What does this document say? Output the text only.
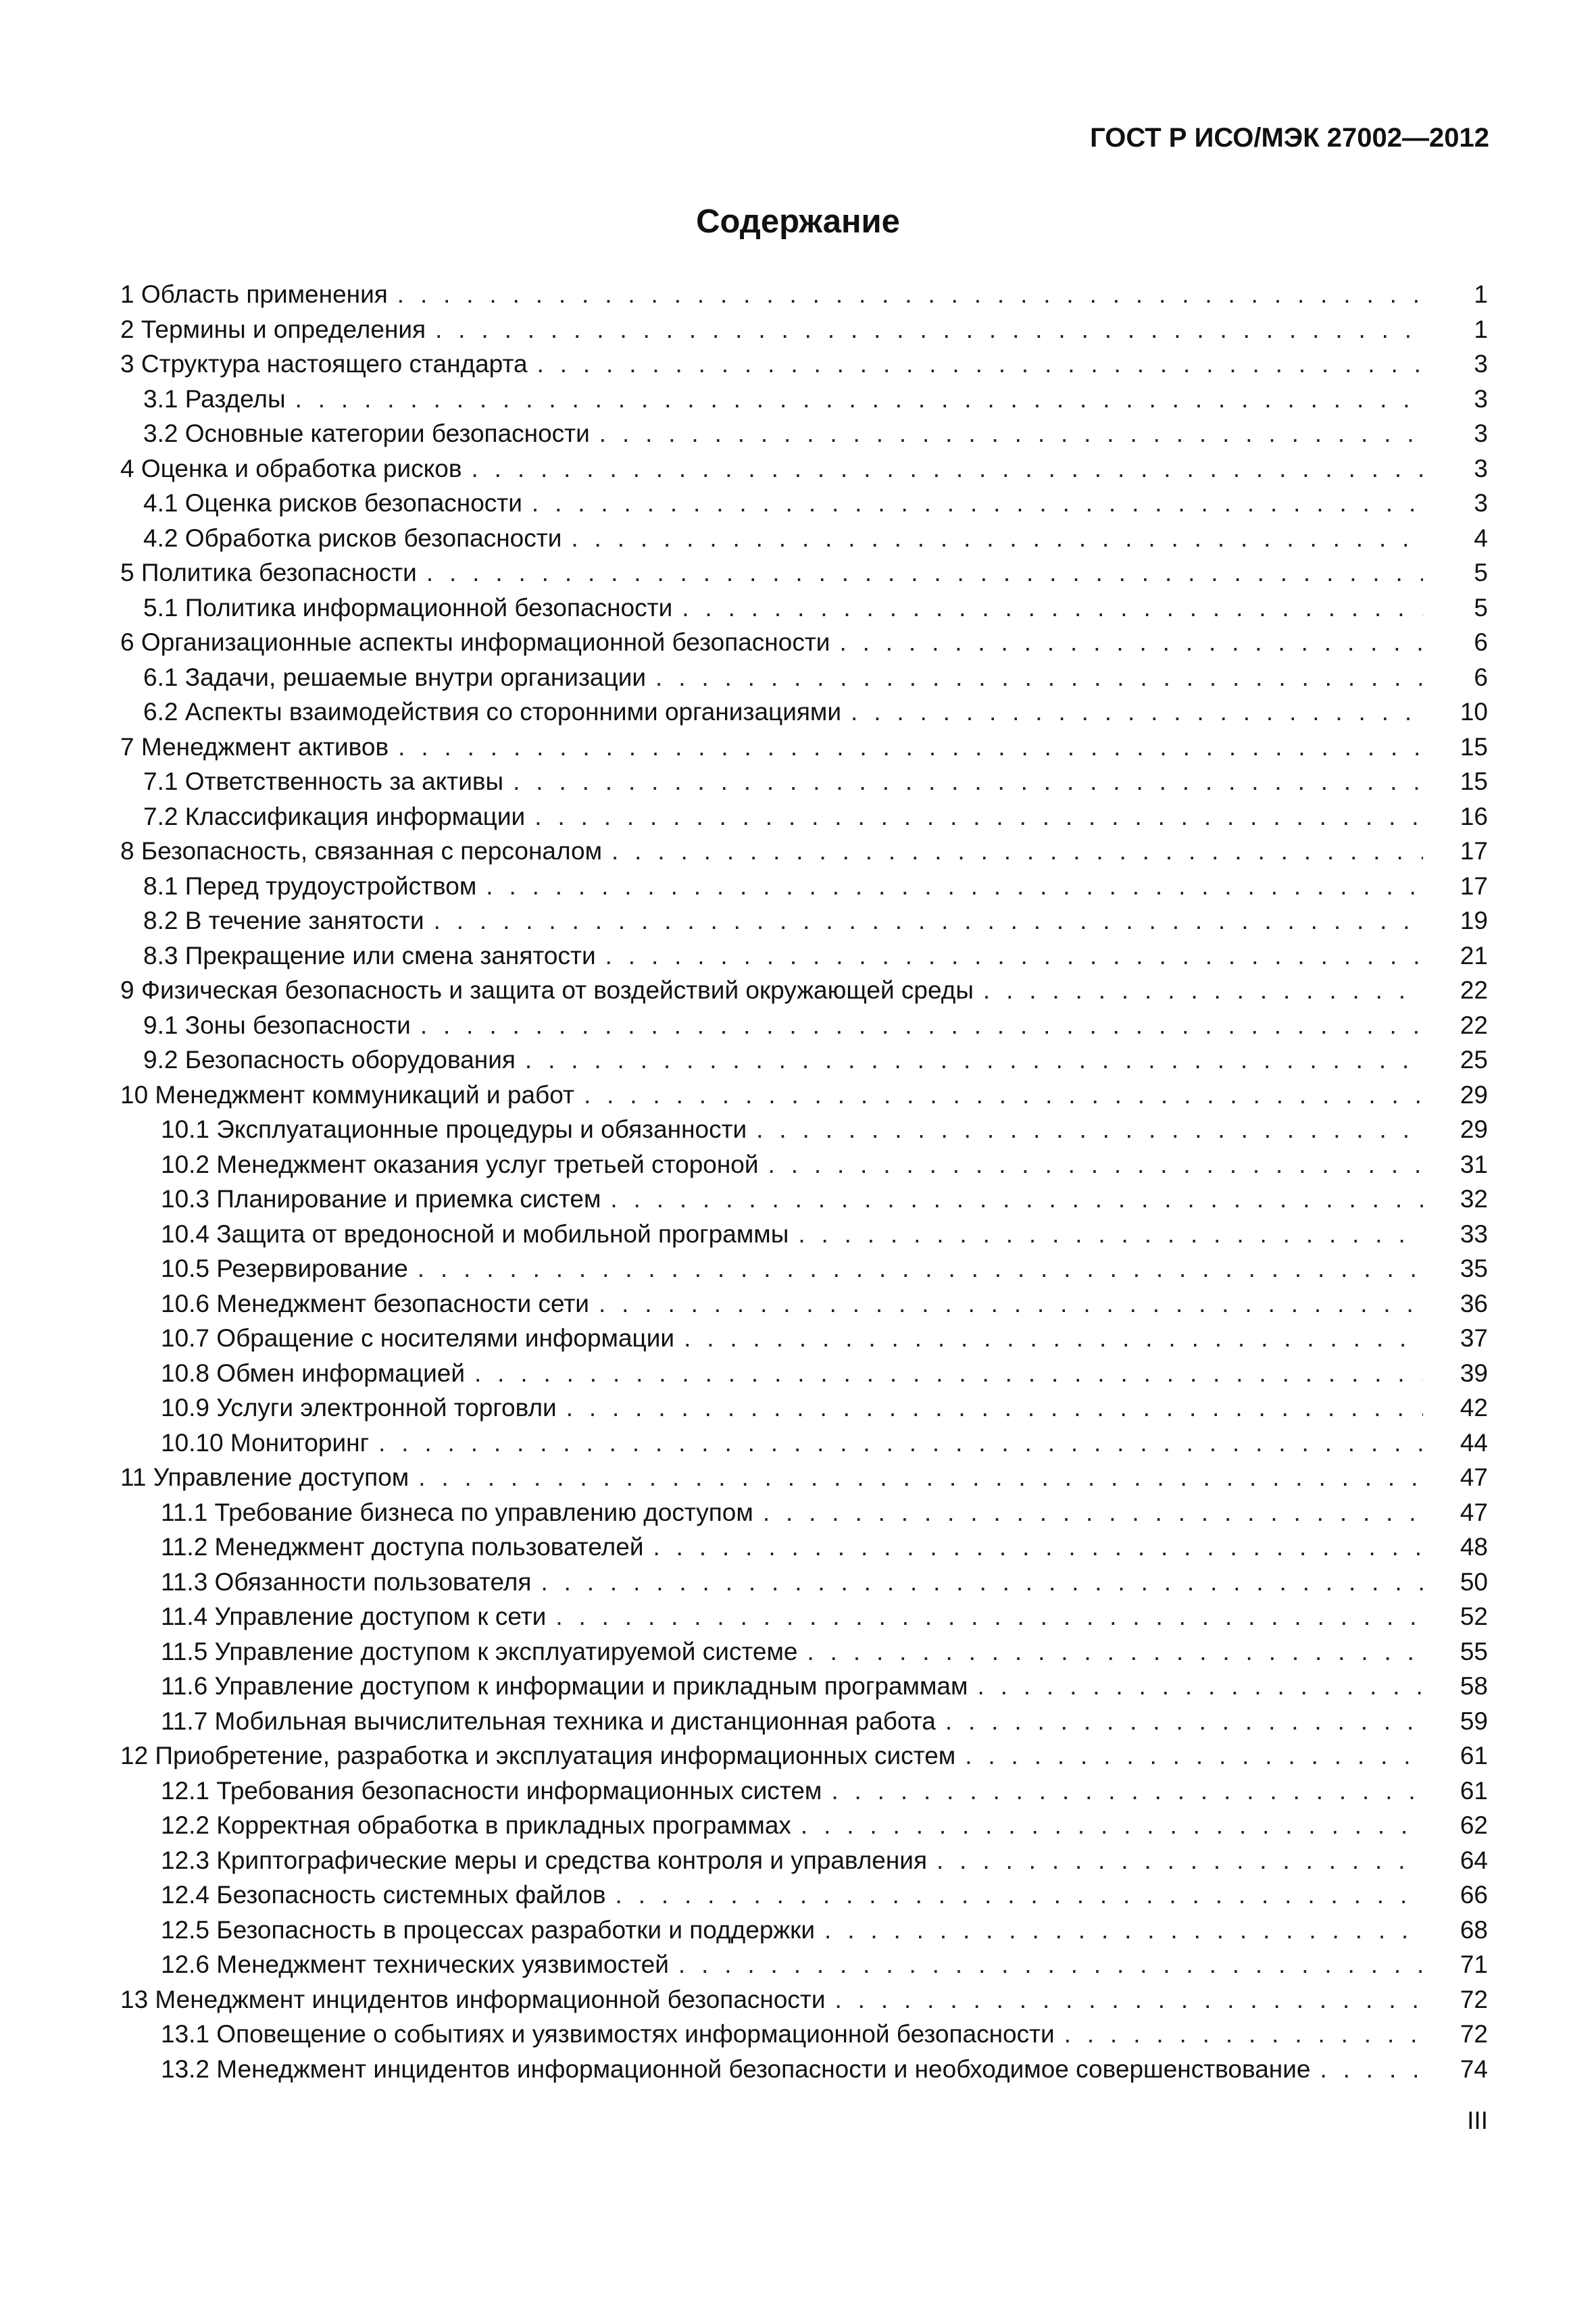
ГОСТ Р ИСО/МЭК 27002—2012
Содержание
1 Область применения . . .	1
2 Термины и определения . . .	1
3 Структура настоящего стандарта . . .	3
3.1 Разделы . . .	3
3.2 Основные категории безопасности . . .	3
4 Оценка и обработка рисков . . .	3
4.1 Оценка рисков безопасности . . .	3
4.2 Обработка рисков безопасности . . .	4
5 Политика безопасности . . .	5
5.1 Политика информационной безопасности . . .	5
6 Организационные аспекты информационной безопасности . . .	6
6.1 Задачи, решаемые внутри организации . . .	6
6.2 Аспекты взаимодействия со сторонними организациями . . .	10
7 Менеджмент активов . . .	15
7.1 Ответственность за активы . . .	15
7.2 Классификация информации . . .	16
8 Безопасность, связанная с персоналом . . .	17
8.1 Перед трудоустройством . . .	17
8.2 В течение занятости . . .	19
8.3 Прекращение или смена занятости . . .	21
9 Физическая безопасность и защита от воздействий окружающей среды . . .	22
9.1 Зоны безопасности . . .	22
9.2 Безопасность оборудования . . .	25
10 Менеджмент коммуникаций и работ . . .	29
10.1 Эксплуатационные процедуры и обязанности . . .	29
10.2 Менеджмент оказания услуг третьей стороной . . .	31
10.3 Планирование и приемка систем . . .	32
10.4 Защита от вредоносной и мобильной программы . . .	33
10.5 Резервирование . . .	35
10.6 Менеджмент безопасности сети . . .	36
10.7 Обращение с носителями информации . . .	37
10.8 Обмен информацией . . .	39
10.9 Услуги электронной торговли . . .	42
10.10 Мониторинг . . .	44
11 Управление доступом . . .	47
11.1 Требование бизнеса по управлению доступом . . .	47
11.2 Менеджмент доступа пользователей . . .	48
11.3 Обязанности пользователя . . .	50
11.4 Управление доступом к сети . . .	52
11.5 Управление доступом к эксплуатируемой системе . . .	55
11.6 Управление доступом к информации и прикладным программам . . .	58
11.7 Мобильная вычислительная техника и дистанционная работа . . .	59
12 Приобретение, разработка и эксплуатация информационных систем . . .	61
12.1 Требования безопасности информационных систем . . .	61
12.2 Корректная обработка в прикладных программах . . .	62
12.3 Криптографические меры и средства контроля и управления . . .	64
12.4 Безопасность системных файлов . . .	66
12.5 Безопасность в процессах разработки и поддержки . . .	68
12.6 Менеджмент технических уязвимостей . . .	71
13 Менеджмент инцидентов информационной безопасности . . .	72
13.1 Оповещение о событиях и уязвимостях информационной безопасности . . .	72
13.2 Менеджмент инцидентов информационной безопасности и необходимое совершенствование . . .	74
III
